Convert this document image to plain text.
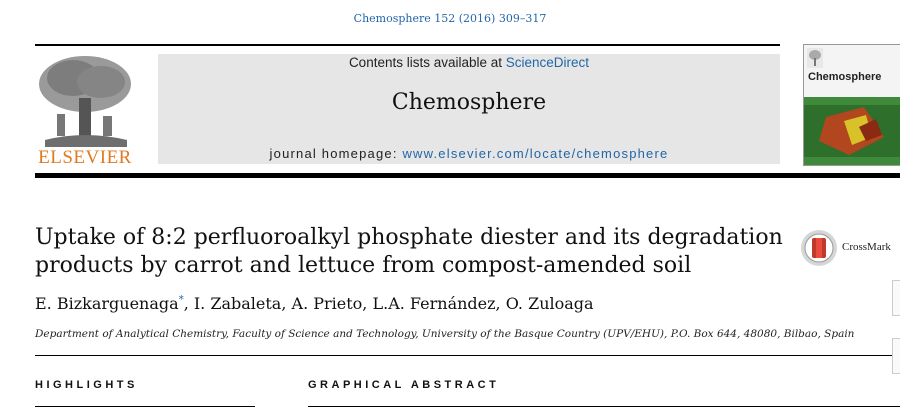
Chemosphere 152 (2016) 309–317
ELSEVIER
Contents lists available at ScienceDirect
Chemosphere
journal homepage: www.elsevier.com/locate/chemosphere
Chemosphere
Uptake of 8:2 perfluoroalkyl phosphate diester and its degradation
products by carrot and lettuce from compost-amended soil
CrossMark
E. Bizkarguenaga*, I. Zabaleta, A. Prieto, L.A. Fernández, O. Zuloaga
Department of Analytical Chemistry, Faculty of Science and Technology, University of the Basque Country (UPV/EHU), P.O. Box 644, 48080, Bilbao, Spain
HIGHLIGHTS	GRAPHICAL ABSTRACT
